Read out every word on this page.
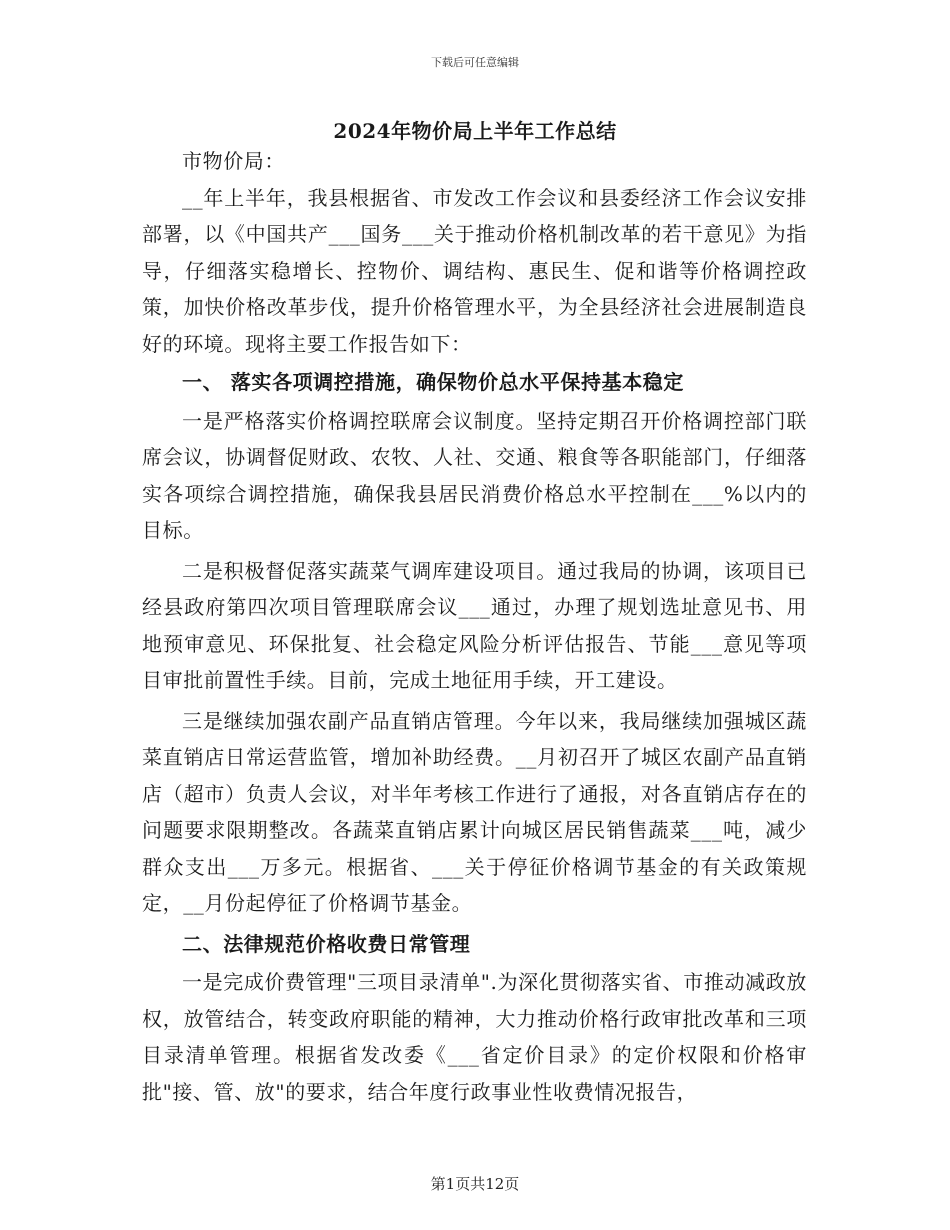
下载后可任意编辑
2024年物价局上半年工作总结

市物价局：

__年上半年，我县根据省、市发改工作会议和县委经济工作会议安排部署，以《中国共产___国务___关于推动价格机制改革的若干意见》为指导，仔细落实稳增长、控物价、调结构、惠民生、促和谐等价格调控政策，加快价格改革步伐，提升价格管理水平，为全县经济社会进展制造良好的环境。现将主要工作报告如下：

一、 落实各项调控措施，确保物价总水平保持基本稳定

一是严格落实价格调控联席会议制度。坚持定期召开价格调控部门联席会议，协调督促财政、农牧、人社、交通、粮食等各职能部门，仔细落实各项综合调控措施，确保我县居民消费价格总水平控制在___%以内的目标。

二是积极督促落实蔬菜气调库建设项目。通过我局的协调，该项目已经县政府第四次项目管理联席会议___通过，办理了规划选址意见书、用地预审意见、环保批复、社会稳定风险分析评估报告、节能___意见等项目审批前置性手续。目前，完成土地征用手续，开工建设。

三是继续加强农副产品直销店管理。今年以来，我局继续加强城区蔬菜直销店日常运营监管，增加补助经费。__月初召开了城区农副产品直销店（超市）负责人会议，对半年考核工作进行了通报，对各直销店存在的问题要求限期整改。各蔬菜直销店累计向城区居民销售蔬菜___吨，减少群众支出___万多元。根据省、___关于停征价格调节基金的有关政策规定，__月份起停征了价格调节基金。

二、法律规范价格收费日常管理

一是完成价费管理"三项目录清单".为深化贯彻落实省、市推动减政放权，放管结合，转变政府职能的精神，大力推动价格行政审批改革和三项目录清单管理。根据省发改委《___省定价目录》的定价权限和价格审批"接、管、放"的要求，结合年度行政事业性收费情况报告，

第1页共12页
